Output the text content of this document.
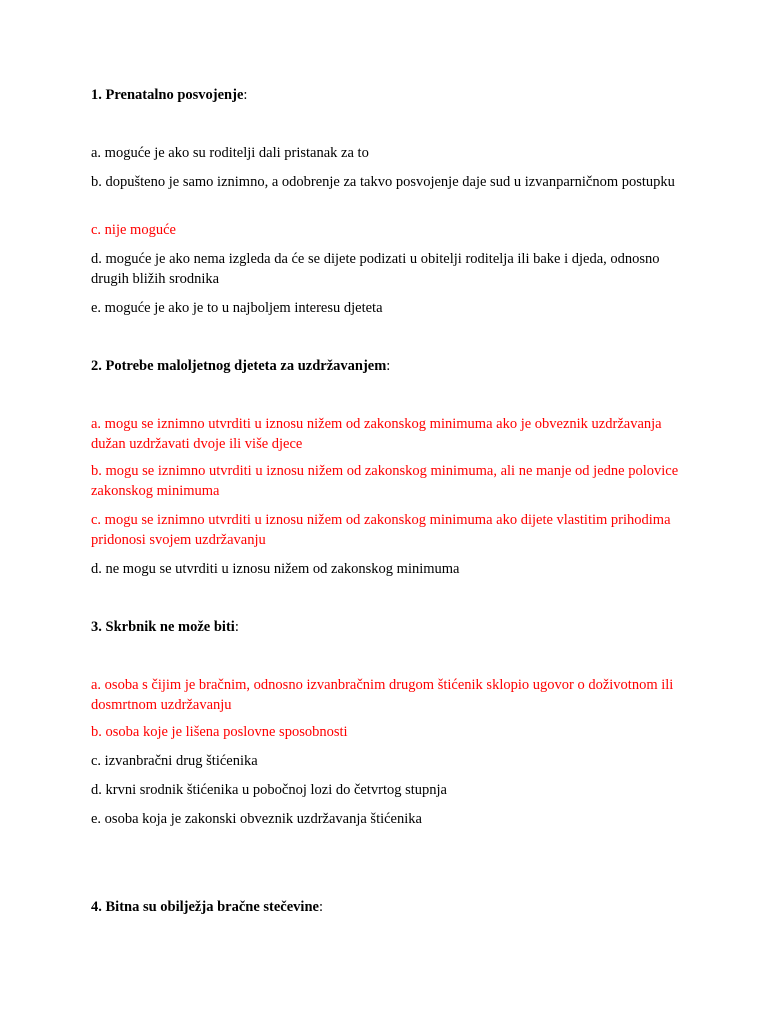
1. Prenatalno posvojenje:

a. moguće je ako su roditelji dali pristanak za to

b. dopušteno je samo iznimno, a odobrenje za takvo posvojenje daje sud u izvanparničnom postupku

c. nije moguće

d. moguće je ako nema izgleda da će se dijete podizati u obitelji roditelja ili bake i djeda, odnosno drugih bližih srodnika

e. moguće je ako je to u najboljem interesu djeteta

2. Potrebe maloljetnog djeteta za uzdržavanjem:

a. mogu se iznimno utvrditi u iznosu nižem od zakonskog minimuma ako je obveznik uzdržavanja dužan uzdržavati dvoje ili više djece

b. mogu se iznimno utvrditi u iznosu nižem od zakonskog minimuma, ali ne manje od jedne polovice zakonskog minimuma

c. mogu se iznimno utvrditi u iznosu nižem od zakonskog minimuma ako dijete vlastitim prihodima pridonosi svojem uzdržavanju

d. ne mogu se utvrditi u iznosu nižem od zakonskog minimuma

3. Skrbnik ne može biti:

a. osoba s čijim je bračnim, odnosno izvanbračnim drugom štićenik sklopio ugovor o doživotnom ili dosmrtnom uzdržavanju

b. osoba koje je lišena poslovne sposobnosti

c. izvanbračni drug štićenika

d. krvni srodnik štićenika u pobočnoj lozi do četvrtog stupnja

e. osoba koja je zakonski obveznik uzdržavanja štićenika

4. Bitna su obilježja bračne stečevine:
